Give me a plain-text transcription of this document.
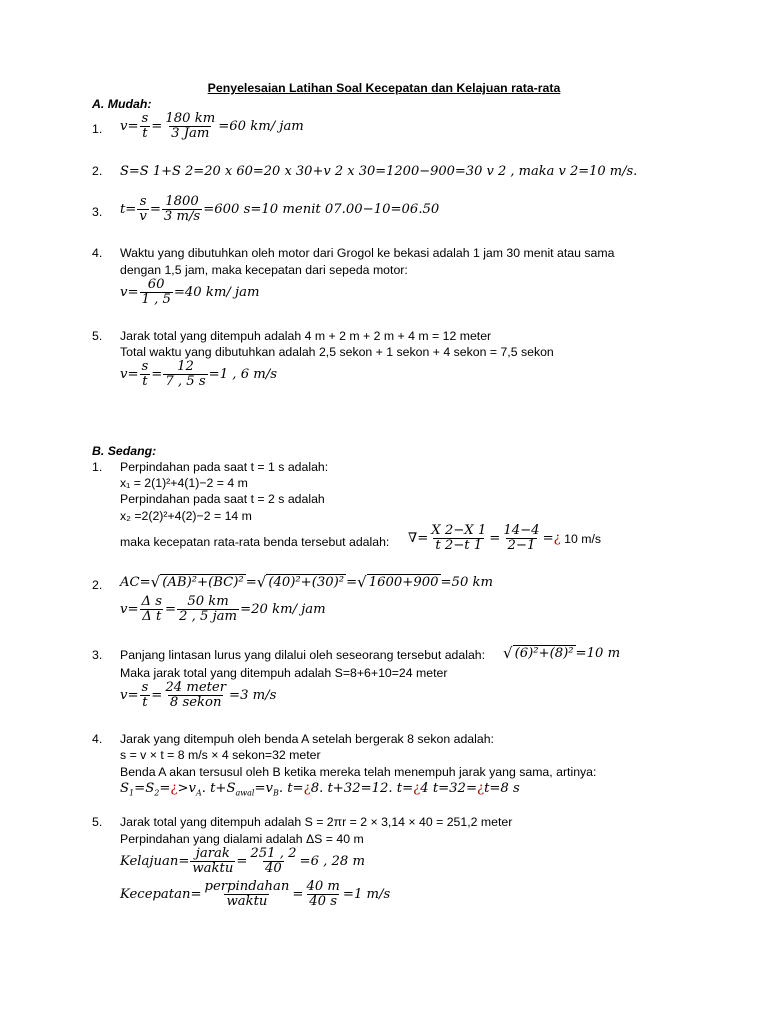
Penyelesaian Latihan Soal Kecepatan dan Kelajuan rata-rata
A. Mudah:
1. $v= \frac{s}{t}$ =
180 km
3 Jam =60 km/ jam
2. S=S 1+S 2=20 x 60=20 x 30+v 2 x 30=1200−900=30 v 2 , maka v 2=10 m/s.
3. $t= \frac{s}{v} = \frac{1800}{3 m/s} =600$ s=10 menit 07.00−10=06.50
4. Waktu yang dibutuhkan oleh motor dari Grogol ke bekasi adalah 1 jam 30 menit atau sama
dengan 1,5 jam, maka kecepatan dari sepeda motor:
$v= \frac{60}{1 , 5} =40$ km/ jam
5. Jarak total yang ditempuh adalah 4 m + 2 m + 2 m + 4 m = 12 meter
Total waktu yang dibutuhkan adalah 2,5 sekon + 1 sekon + 4 sekon = 7,5 sekon
$v= \frac{s}{t} = \frac{12}{7 , 5 s} =1$ , 6 m/s
B. Sedang:
1. Perpindahan pada saat t = 1 s adalah:
x₁ = 2(1)²+4(1)−2 = 4 m
Perpindahan pada saat t = 2 s adalah
x₂ =2(2)²+4(2)−2 = 14 m
maka kecepatan rata-rata benda tersebut adalah: ∇= $\frac{X 2-X 1}{t 2-t 1} = \frac{14-4}{2-1}$ = ¿ 10 m/s
2. AC= √ (AB)²+(BC)² = √ (40)²+(30)² = √ 1600+900 =50 km
$v= \frac{\text{Δ s}}{\text{Δ t}}$ =
50 km
2 , 5 jam =20 km/ jam
3. Panjang lintasan lurus yang dilalui oleh seseorang tersebut adalah: √ (6)²+(8)² =10 m
Maka jarak total yang ditempuh adalah S=8+6+10=24 meter
$v= \frac{s}{t}$ =
24 meter
8 sekon =3 m/s
4. Jarak yang ditempuh oleh benda A setelah bergerak 8 sekon adalah:
s = v × t = 8 m/s × 4 sekon=32 meter
Benda A akan tersusul oleh B ketika mereka telah menempuh jarak yang sama, artinya:
$S_1=S_2=¿>v_A$. $t+S_{awal}=v_B$. t=¿8. t+32=12. t=¿4 t=32=¿t=8 s
5. Jarak total yang ditempuh adalah S = 2πr = 2 × 3,14 × 40 = 251,2 meter
Perpindahan yang dialami adalah ΔS = 40 m
Kelajuan=
jarak
waktu = $\frac{251 , 2}{40} =6$ , 28 m
Kecepatan=
perpindahan
waktu = $\frac{40 m}{40 s} =1$ m/s
